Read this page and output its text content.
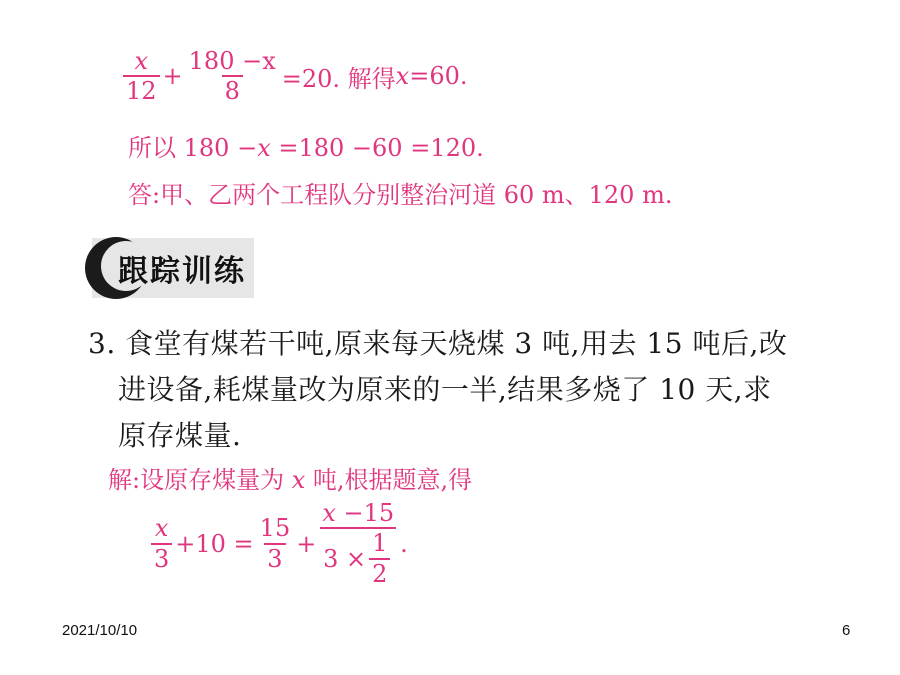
$\frac{x}{12} + \frac{180 -x}{8} =20$. 解得 x =60.
所以 180 −x =180 −60 =120.
答:甲、乙两个工程队分别整治河道 60 m、120 m.
跟踪训练
3. 食堂有煤若干吨,原来每天烧煤 3 吨,用去 15 吨后,改
进设备,耗煤量改为原来的一半,结果多烧了 10 天,求
原存煤量.
解:设原存煤量为 x 吨,根据题意,得
$\frac{x}{3} +10 = \frac{15}{3} + \frac{x -15}{3 \times \frac{1}{2}}$ .
2021/10/10	6
